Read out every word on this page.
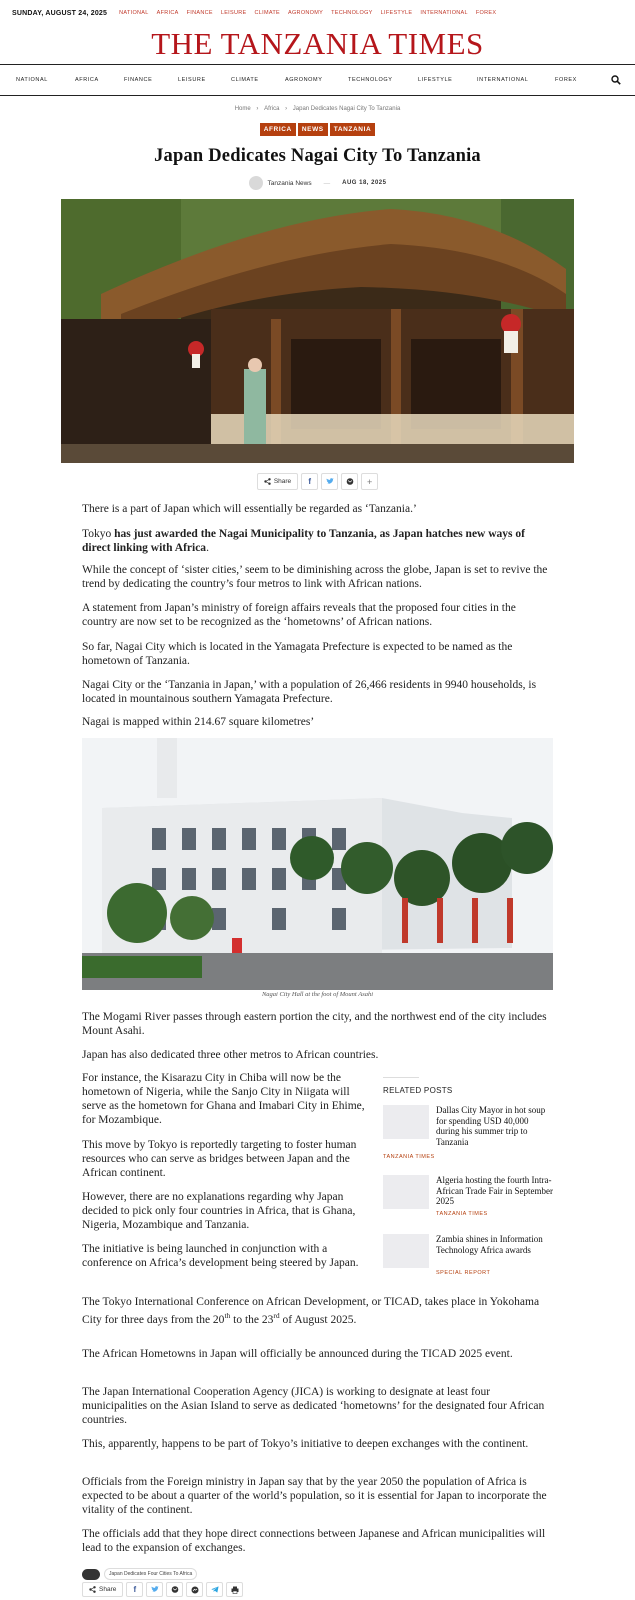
SUNDAY, AUGUST 24, 2025 NATIONAL AFRICA FINANCE LEISURE CLIMATE AGRONOMY TECHNOLOGY LIFESTYLE INTERNATIONAL FOREX
THE TANZANIA TIMES
NATIONAL	AFRICA	FINANCE	LEISURE	CLIMATE	AGRONOMY	TECHNOLOGY	LIFESTYLE	INTERNATIONAL	FOREX
Home › Africa › Japan Dedicates Nagai City To Tanzania
AFRICA	NEWS	TANZANIA
Japan Dedicates Nagai City To Tanzania
Tanzania News — AUG 18, 2025
Share f	+

There is a part of Japan which will essentially be regarded as ‘Tanzania.’

Tokyo has just awarded the Nagai Municipality to Tanzania, as Japan hatches new ways of direct linking with Africa.

While the concept of ‘sister cities,’ seem to be diminishing across the globe, Japan is set to revive the trend by dedicating the country’s four metros to link with African nations.

A statement from Japan’s ministry of foreign affairs reveals that the proposed four cities in the country are now set to be recognized as the ‘hometowns’ of African nations.

So far, Nagai City which is located in the Yamagata Prefecture is expected to be named as the hometown of Tanzania.

Nagai City or the ‘Tanzania in Japan,’ with a population of 26,466 residents in 9940 households, is located in mountainous southern Yamagata Prefecture.

Nagai is mapped within 214.67 square kilometres’

Nagai City Hall at the foot of Mount Asahi

The Mogami River passes through eastern portion the city, and the northwest end of the city includes Mount Asahi.

Japan has also dedicated three other metros to African countries.

For instance, the Kisarazu City in Chiba will now be the hometown of Nigeria, while the Sanjo City in Niigata will serve as the hometown for Ghana and Imabari City in Ehime, for Mozambique.

This move by Tokyo is reportedly targeting to foster human resources who can serve as bridges between Japan and the African continent.

However, there are no explanations regarding why Japan decided to pick only four countries in Africa, that is Ghana, Nigeria, Mozambique and Tanzania.

The initiative is being launched in conjunction with a conference on Africa’s development being steered by Japan.

The Tokyo International Conference on African Development, or TICAD, takes place in Yokohama City for three days from the 20th to the 23rd of August 2025.

The African Hometowns in Japan will officially be announced during the TICAD 2025 event.

The Japan International Cooperation Agency (JICA) is working to designate at least four municipalities on the Asian Island to serve as dedicated ‘hometowns’ for the designated four African countries.

This, apparently, happens to be part of Tokyo’s initiative to deepen exchanges with the continent.

Officials from the Foreign ministry in Japan say that by the year 2050 the population of Africa is expected to be about a quarter of the world’s population, so it is essential for Japan to incorporate the vitality of the continent.

The officials add that they hope direct connections between Japanese and African municipalities will lead to the expansion of exchanges.

RELATED POSTS
Dallas City Mayor in hot soup for spending USD 40,000 during his summer trip to Tanzania
TANZANIA TIMES
Algeria hosting the fourth Intra-African Trade Fair in September 2025
TANZANIA TIMES
Zambia shines in Information Technology Africa awards
SPECIAL REPORT
Japan Dedicates Four Cities To Africa
Share f
